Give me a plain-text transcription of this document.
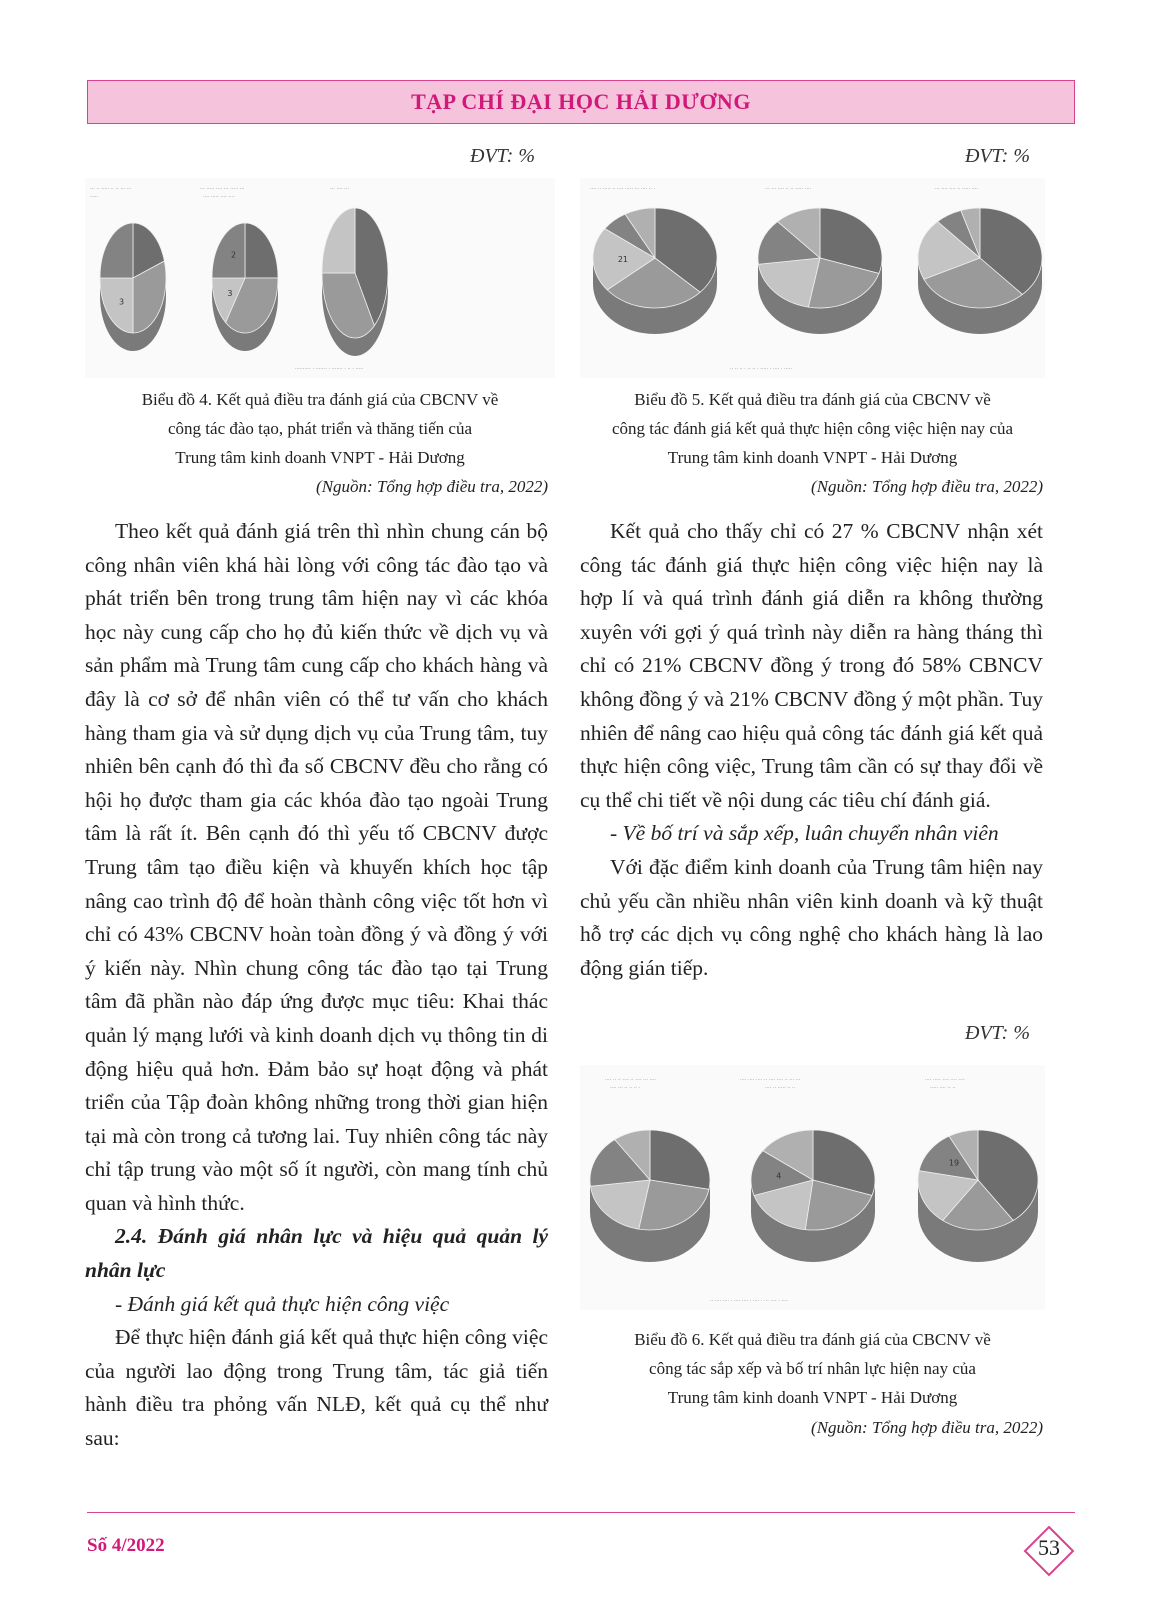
TẠP CHÍ ĐẠI HỌC HẢI DƯƠNG
ĐVT: %
··· ·· ····· ·· ·· ··· ···
·····
··· ····· ···· ··· ····· ···
···· ····· ···· ····
··· ···· ···
·········· · ······· · ······· · ·· · ·····
3
3
2
Biểu đồ 4. Kết quả điều tra đánh giá của CBCNV về
công tác đào tạo, phát triển và thăng tiến của
Trung tâm kinh doanh VNPT - Hải Dương
(Nguồn: Tổng hợp điều tra, 2022)
ĐVT: %
···· ·· ····· ·· ···· ····· ··· ···· ·· ·	··· ··· ···· ·· ·· ····· ····	··· ···· ···· ·· ····· ····
·· ·· ·· · ·· ·· · ····· · ···· · ·····
21
Biểu đồ 5. Kết quả điều tra đánh giá của CBCNV về
công tác đánh giá kết quả thực hiện công việc hiện nay của
Trung tâm kinh doanh VNPT - Hải Dương
(Nguồn: Tổng hợp điều tra, 2022)

Theo kết quả đánh giá trên thì nhìn chung cán bộ công nhân viên khá hài lòng với công tác đào tạo và phát triển bên trong trung tâm hiện nay vì các khóa học này cung cấp cho họ đủ kiến thức về dịch vụ và sản phẩm mà Trung tâm cung cấp cho khách hàng và đây là cơ sở để nhân viên có thể tư vấn cho khách hàng tham gia và sử dụng dịch vụ của Trung tâm, tuy nhiên bên cạnh đó thì đa số CBCNV đều cho rằng có hội họ được tham gia các khóa đào tạo ngoài Trung tâm là rất ít. Bên cạnh đó thì yếu tố CBCNV được Trung tâm tạo điều kiện và khuyến khích học tập nâng cao trình độ để hoàn thành công việc tốt hơn vì chỉ có 43% CBCNV hoàn toàn đồng ý và đồng ý với ý kiến này. Nhìn chung công tác đào tạo tại Trung tâm đã phần nào đáp ứng được mục tiêu: Khai thác quản lý mạng lưới và kinh doanh dịch vụ thông tin di động hiệu quả hơn. Đảm bảo sự hoạt động và phát triển của Tập đoàn không những trong thời gian hiện tại mà còn trong cả tương lai. Tuy nhiên công tác này chỉ tập trung vào một số ít người, còn mang tính chủ quan và hình thức.

2.4. Đánh giá nhân lực và hiệu quả quản lý nhân lực

- Đánh giá kết quả thực hiện công việc

Để thực hiện đánh giá kết quả thực hiện công việc của người lao động trong Trung tâm, tác giả tiến hành điều tra phỏng vấn NLĐ, kết quả cụ thể như sau:

Kết quả cho thấy chỉ có 27 % CBCNV nhận xét công tác đánh giá thực hiện công việc hiện nay là hợp lí và quá trình đánh giá diễn ra không thường xuyên với gợi ý quá trình này diễn ra hàng tháng thì chỉ có 21% CBCNV đồng ý trong đó 58% CBNCV không đồng ý và 21% CBCNV đồng ý một phần. Tuy nhiên để nâng cao hiệu quả công tác đánh giá kết quả thực hiện công việc, Trung tâm cần có sự thay đổi về cụ thể chi tiết về nội dung các tiêu chí đánh giá.

- Về bố trí và sắp xếp, luân chuyển nhân viên

Với đặc điểm kinh doanh của Trung tâm hiện nay chủ yếu cần nhiều nhân viên kinh doanh và kỹ thuật hỗ trợ các dịch vụ công nghệ cho khách hàng là lao động gián tiếp.

ĐVT: %
···· ·· ·· ···· ·· ···· ··· ····
···· ··· ·· ·· ·· ·
···· ···· ···· ·· ···· ···· ·· ··· ···
···· ·· ····· ·· ··
···· ····· ···· ···· ····
····· ···· ·· ··
·· ···· ···· · ···· ···· · ···· · ··· ···· · ····
4
19
Biểu đồ 6. Kết quả điều tra đánh giá của CBCNV về
công tác sắp xếp và bố trí nhân lực hiện nay của
Trung tâm kinh doanh VNPT - Hải Dương
(Nguồn: Tổng hợp điều tra, 2022)
Số 4/2022	53
